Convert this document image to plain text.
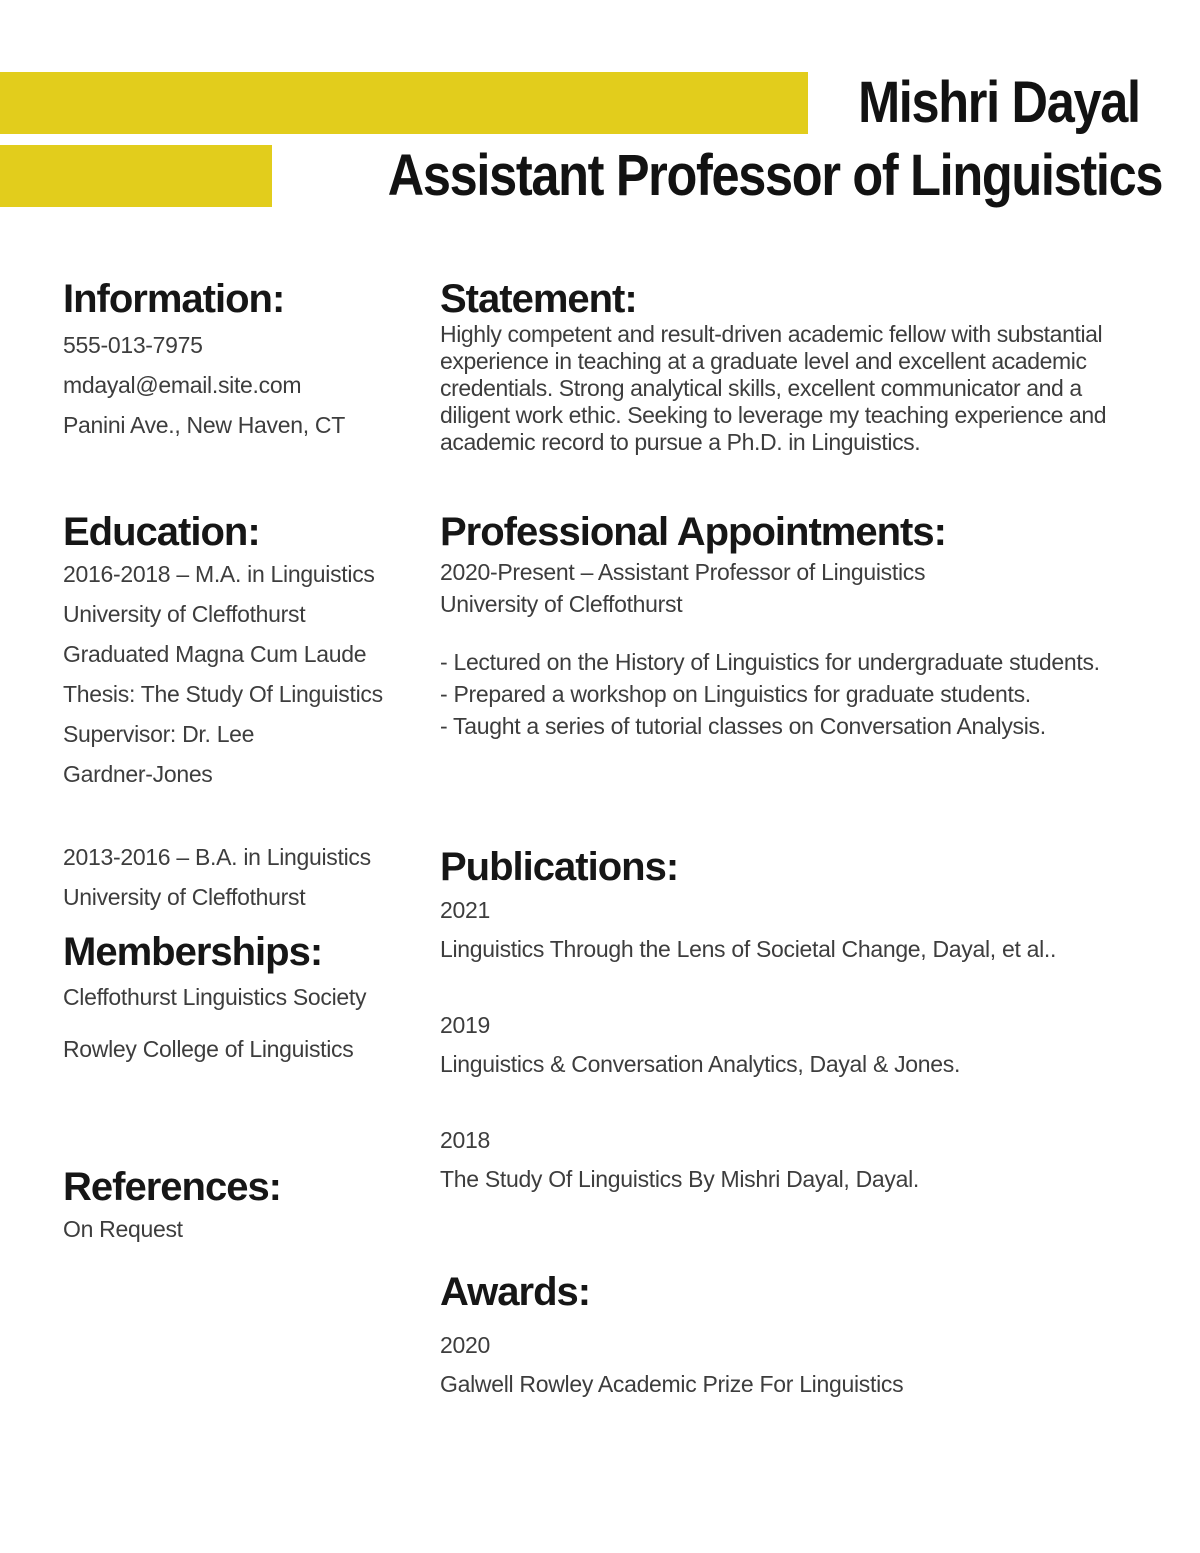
Mishri Dayal
Assistant Professor of Linguistics
Information:
555-013-7975
mdayal@email.site.com
Panini Ave., New Haven, CT
Education:
2016-2018 – M.A. in Linguistics
University of Cleffothurst
Graduated Magna Cum Laude
Thesis: The Study Of Linguistics
Supervisor: Dr. Lee
Gardner-Jones
2013-2016 – B.A. in Linguistics
University of Cleffothurst
Memberships:
Cleffothurst Linguistics Society
Rowley College of Linguistics
References:
On Request
Statement:

Highly competent and result-driven academic fellow with substantial experience in teaching at a graduate level and excellent academic credentials. Strong analytical skills, excellent communicator and a diligent work ethic. Seeking to leverage my teaching experience and academic record to pursue a Ph.D. in Linguistics.

Professional Appointments:
2020-Present – Assistant Professor of Linguistics
University of Cleffothurst
- Lectured on the History of Linguistics for undergraduate students.
- Prepared a workshop on Linguistics for graduate students.
- Taught a series of tutorial classes on Conversation Analysis.
Publications:
2021
Linguistics Through the Lens of Societal Change, Dayal, et al..
2019
Linguistics & Conversation Analytics, Dayal & Jones.
2018
The Study Of Linguistics By Mishri Dayal, Dayal.
Awards:
2020
Galwell Rowley Academic Prize For Linguistics
